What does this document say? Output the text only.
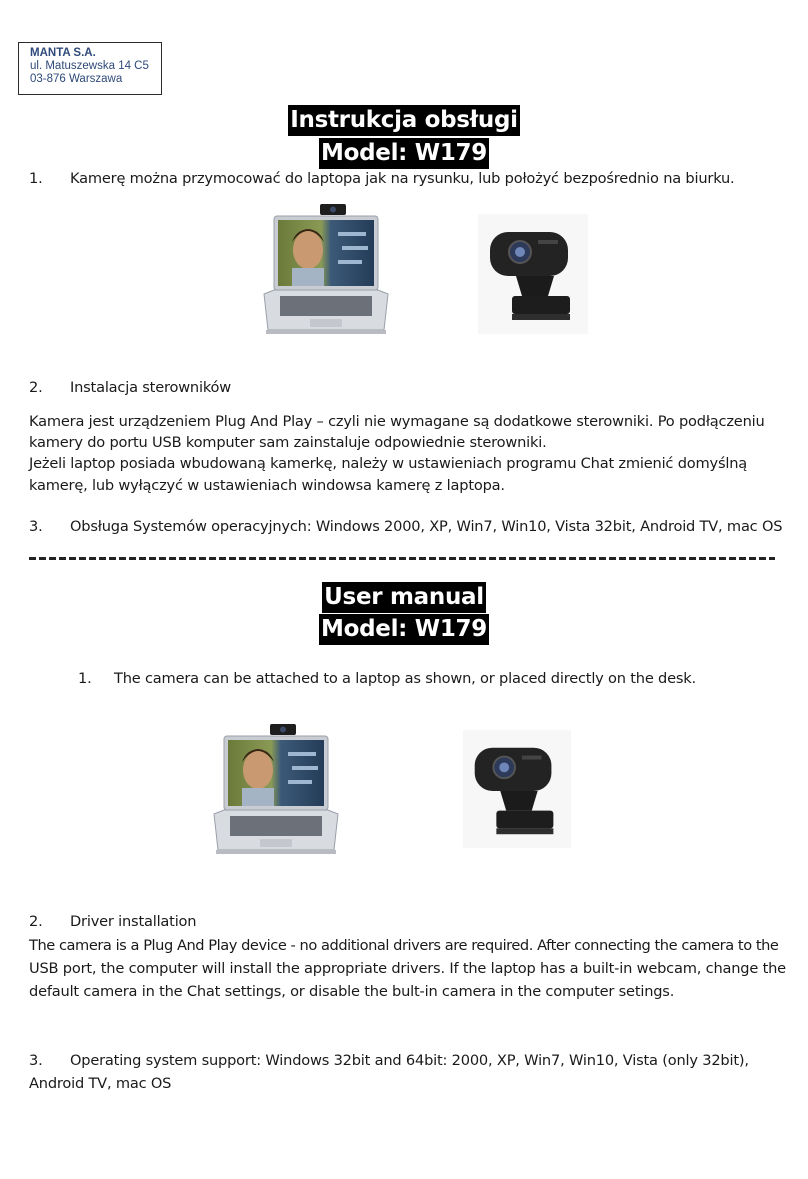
MANTA S.A.
ul. Matuszewska 14 C5
03-876 Warszawa
Instrukcja obsługi
Model: W179
1. Kamerę można przymocować do laptopa jak na rysunku, lub położyć bezpośrednio na biurku.
2. Instalacja sterowników
Kamera jest urządzeniem Plug And Play – czyli nie wymagane są dodatkowe sterowniki. Po podłączeniu
kamery do portu USB komputer sam zainstaluje odpowiednie sterowniki.
Jeżeli laptop posiada wbudowaną kamerkę, należy w ustawieniach programu Chat zmienić domyślną
kamerę, lub wyłączyć w ustawieniach windowsa kamerę z laptopa.
3. Obsługa Systemów operacyjnych: Windows 2000, XP, Win7, Win10, Vista 32bit, Android TV, mac OS
User manual
Model: W179
1. The camera can be attached to a laptop as shown, or placed directly on the desk.
2. Driver installation
The camera is a Plug And Play device - no additional drivers are required. After connecting the camera to the
USB port, the computer will install the appropriate drivers. If the laptop has a built-in webcam, change the
default camera in the Chat settings, or disable the bult-in camera in the computer setings.
3. Operating system support: Windows 32bit and 64bit: 2000, XP, Win7, Win10, Vista (only 32bit),
Android TV, mac OS
